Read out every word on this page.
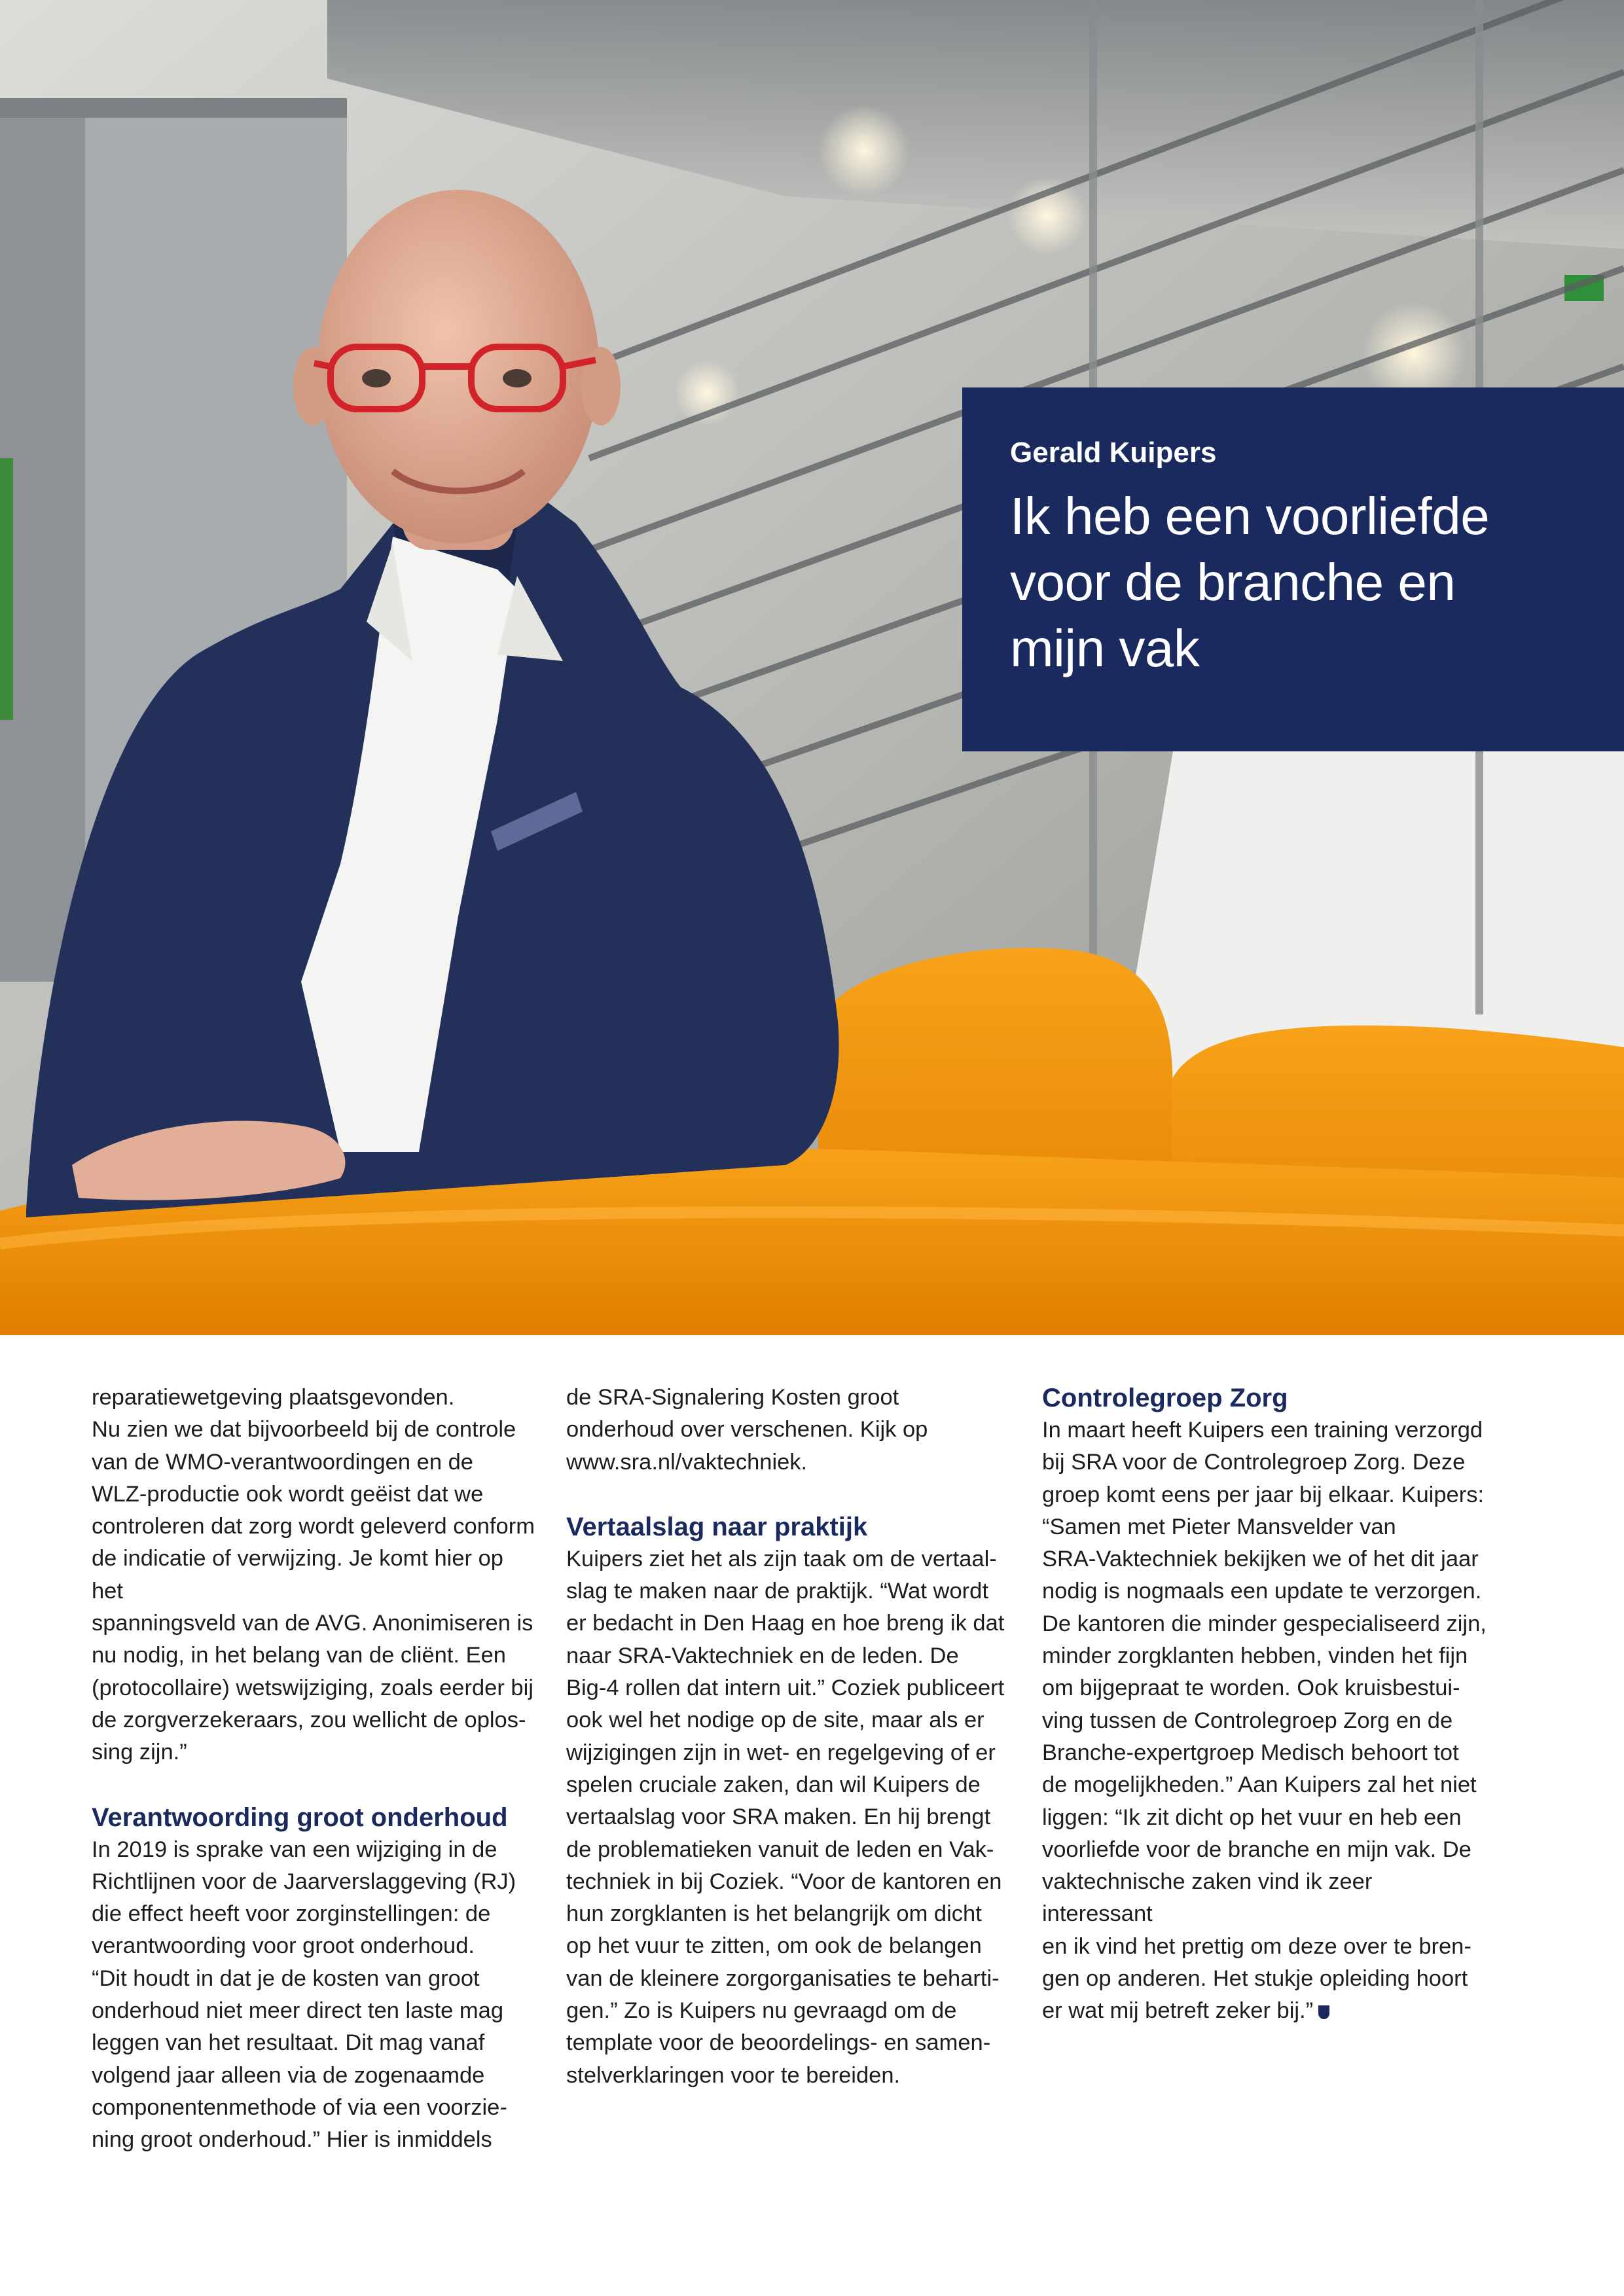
Gerald Kuipers
Ik heb een voorliefde
voor de branche en
mijn vak

reparatiewetgeving plaatsgevonden.

Nu zien we dat bijvoorbeeld bij de controle

van de WMO-verantwoordingen en de

WLZ-productie ook wordt geëist dat we

controleren dat zorg wordt geleverd conform

de indicatie of verwijzing. Je komt hier op het

spanningsveld van de AVG. Anonimiseren is

nu nodig, in het belang van de cliënt. Een

(protocollaire) wetswijziging, zoals eerder bij

de zorgverzekeraars, zou wellicht de oplos-

sing zijn.”

Verantwoording groot onderhoud

In 2019 is sprake van een wijziging in de

Richtlijnen voor de Jaarverslaggeving (RJ)

die effect heeft voor zorginstellingen: de

verantwoording voor groot onderhoud.

“Dit houdt in dat je de kosten van groot

onderhoud niet meer direct ten laste mag

leggen van het resultaat. Dit mag vanaf

volgend jaar alleen via de zogenaamde

componentenmethode of via een voorzie-

ning groot onderhoud.” Hier is inmiddels

de SRA-Signalering Kosten groot

onderhoud over verschenen. Kijk op

www.sra.nl/vaktechniek.

Vertaalslag naar praktijk

Kuipers ziet het als zijn taak om de vertaal-

slag te maken naar de praktijk. “Wat wordt

er bedacht in Den Haag en hoe breng ik dat

naar SRA-Vaktechniek en de leden. De

Big-4 rollen dat intern uit.” Coziek publiceert

ook wel het nodige op de site, maar als er

wijzigingen zijn in wet- en regelgeving of er

spelen cruciale zaken, dan wil Kuipers de

vertaalslag voor SRA maken. En hij brengt

de problematieken vanuit de leden en Vak-

techniek in bij Coziek. “Voor de kantoren en

hun zorgklanten is het belangrijk om dicht

op het vuur te zitten, om ook de belangen

van de kleinere zorgorganisaties te beharti-

gen.” Zo is Kuipers nu gevraagd om de

template voor de beoordelings- en samen-

stelverklaringen voor te bereiden.

Controlegroep Zorg

In maart heeft Kuipers een training verzorgd

bij SRA voor de Controlegroep Zorg. Deze

groep komt eens per jaar bij elkaar. Kuipers:

“Samen met Pieter Mansvelder van

SRA-Vaktechniek bekijken we of het dit jaar

nodig is nogmaals een update te verzorgen.

De kantoren die minder gespecialiseerd zijn,

minder zorgklanten hebben, vinden het fijn

om bijgepraat te worden. Ook kruisbestui-

ving tussen de Controlegroep Zorg en de

Branche-expertgroep Medisch behoort tot

de mogelijkheden.” Aan Kuipers zal het niet

liggen: “Ik zit dicht op het vuur en heb een

voorliefde voor de branche en mijn vak. De

vaktechnische zaken vind ik zeer interessant

en ik vind het prettig om deze over te bren-

gen op anderen. Het stukje opleiding hoort

er wat mij betreft zeker bij.”
